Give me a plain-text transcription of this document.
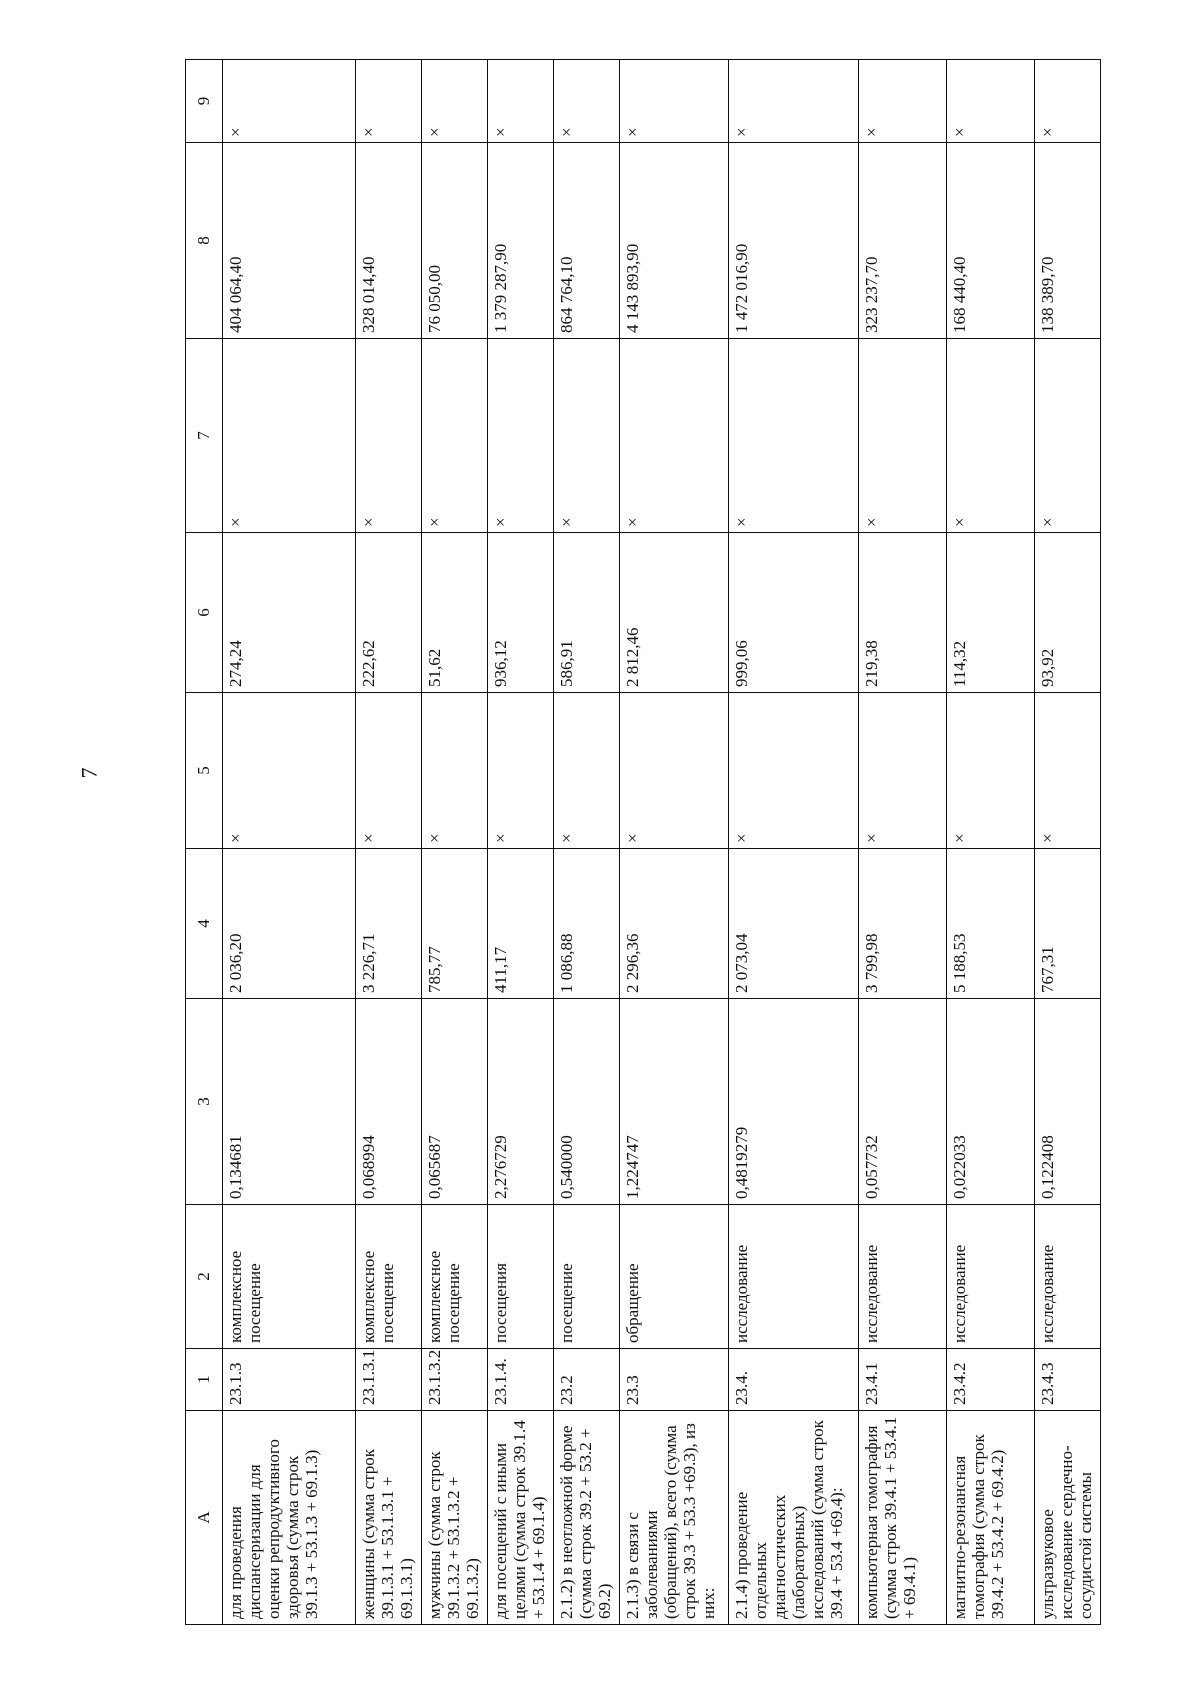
7
A	1	2	3	4	5	6	7	8	9
для проведения диспансеризации для оценки репродуктивного здоровья (сумма строк 39.1.3 + 53.1.3 + 69.1.3)	23.1.3	комплексное посещение	0,134681	2 036,20	×	274,24	×	404 064,40	×
женщины (сумма строк 39.1.3.1 + 53.1.3.1 + 69.1.3.1)	23.1.3.1	комплексное посещение	0,068994	3 226,71	×	222,62	×	328 014,40	×
мужчины (сумма строк 39.1.3.2 + 53.1.3.2 + 69.1.3.2)	23.1.3.2	комплексное посещение	0,065687	785,77	×	51,62	×	76 050,00	×
для посещений с иными целями (сумма строк 39.1.4 + 53.1.4 + 69.1.4)	23.1.4.	посещения	2,276729	411,17	×	936,12	×	1 379 287,90	×
2.1.2) в неотложной форме (сумма строк 39.2 + 53.2 + 69.2)	23.2	посещение	0,540000	1 086,88	×	586,91	×	864 764,10	×
2.1.3) в связи с заболеваниями (обращений), всего (сумма строк 39.3 + 53.3 +69.3), из них:	23.3	обращение	1,224747	2 296,36	×	2 812,46	×	4 143 893,90	×
2.1.4) проведение отдельных диагностических (лабораторных) исследований (сумма строк 39.4 + 53.4 +69.4):	23.4.	исследование	0,4819279	2 073,04	×	999,06	×	1 472 016,90	×
компьютерная томография (сумма строк 39.4.1 + 53.4.1 + 69.4.1)	23.4.1	исследование	0,057732	3 799,98	×	219,38	×	323 237,70	×
магнитно-резонансная томография (сумма строк 39.4.2 + 53.4.2 + 69.4.2)	23.4.2	исследование	0,022033	5 188,53	×	114,32	×	168 440,40	×
ультразвуковое исследование сердечно-сосудистой системы	23.4.3	исследование	0,122408	767,31	×	93,92	×	138 389,70	×
